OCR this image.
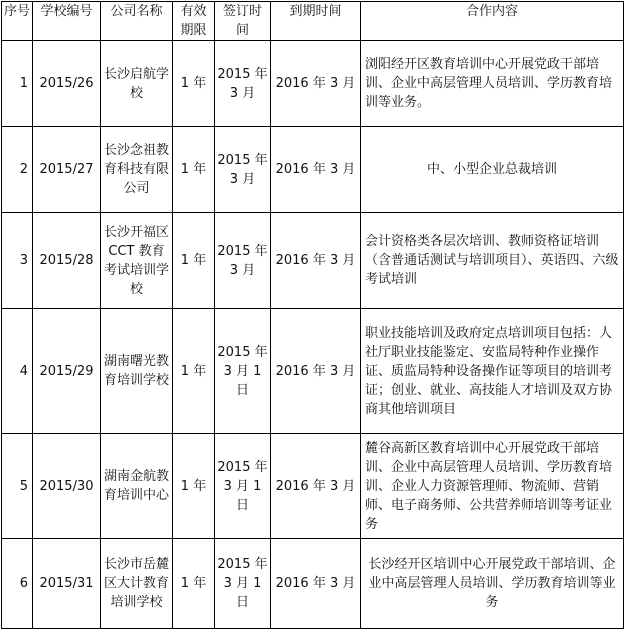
序号	学校编号	公司名称	有效期限	签订时间	到期时间	合作内容
1	2015/26	长沙启航学校	1 年	2015 年 3 月	2016 年 3 月	浏阳经开区教育培训中心开展党政干部培训、企业中高层管理人员培训、学历教育培训等业务。
2	2015/27	长沙念祖教育科技有限公司	1 年	2015 年 3 月	2016 年 3 月	中、小型企业总裁培训
3	2015/28	长沙开福区 CCT 教育考试培训学校	1 年	2015 年 3 月	2016 年 3 月	会计资格类各层次培训、教师资格证培训（含普通话测试与培训项目）、英语四、六级考试培训
4	2015/29	湖南曙光教育培训学校	1 年	2015 年 3 月 1 日	2016 年 3 月	职业技能培训及政府定点培训项目包括：人社厅职业技能鉴定、安监局特种作业操作证、质监局特种设备操作证等项目的培训考证；创业、就业、高技能人才培训及双方协商其他培训项目
5	2015/30	湖南金航教育培训中心	1 年	2015 年 3 月 1 日	2016 年 3 月	麓谷高新区教育培训中心开展党政干部培训、企业中高层管理人员培训、学历教育培训、企业人力资源管理师、物流师、营销师、电子商务师、公共营养师培训等考证业务
6	2015/31	长沙市岳麓区大计教育培训学校	1 年	2015 年 3 月 1 日	2016 年 3 月	长沙经开区培训中心开展党政干部培训、企业中高层管理人员培训、学历教育培训等业务
